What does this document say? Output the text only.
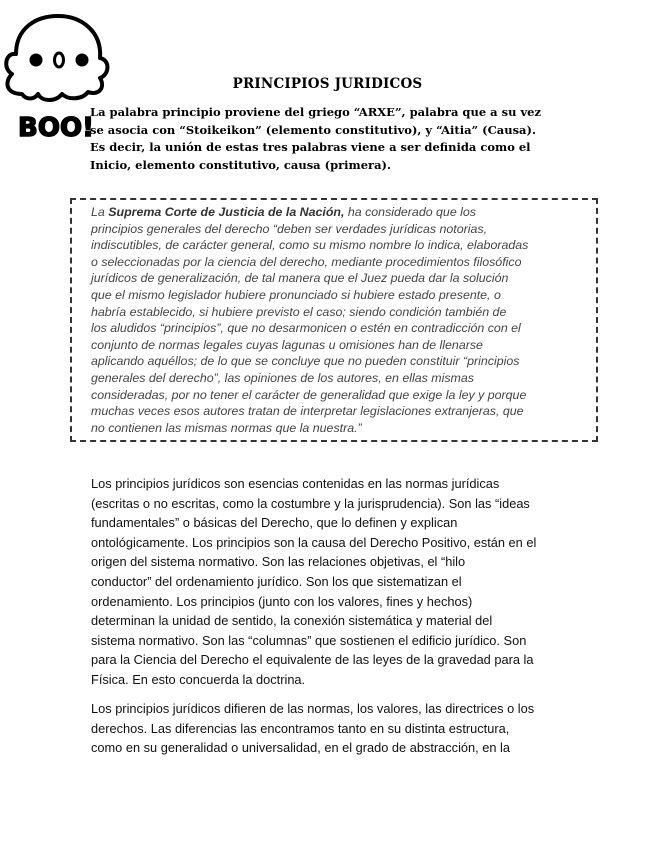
BOO!
PRINCIPIOS JURIDICOS
La palabra principio proviene del griego “ARXE”, palabra que a su vez
se asocia con “Stoikeikon” (elemento constitutivo), y “Aitia” (Causa).
Es decir, la unión de estas tres palabras viene a ser definida como el
Inicio, elemento constitutivo, causa (primera).
La Suprema Corte de Justicia de la Nación, ha considerado que los
principios generales del derecho “deben ser verdades jurídicas notorias,
indiscutibles, de carácter general, como su mismo nombre lo indica, elaboradas
o seleccionadas por la ciencia del derecho, mediante procedimientos filosófico
jurídicos de generalización, de tal manera que el Juez pueda dar la solución
que el mismo legislador hubiere pronunciado si hubiere estado presente, o
habría establecido, si hubiere previsto el caso; siendo condición también de
los aludidos “principios”, que no desarmonicen o estén en contradicción con el
conjunto de normas legales cuyas lagunas u omisiones han de llenarse
aplicando aquéllos; de lo que se concluye que no pueden constituir “principios
generales del derecho”, las opiniones de los autores, en ellas mismas
consideradas, por no tener el carácter de generalidad que exige la ley y porque
muchas veces esos autores tratan de interpretar legislaciones extranjeras, que
no contienen las mismas normas que la nuestra.”
Los principios jurídicos son esencias contenidas en las normas jurídicas
(escritas o no escritas, como la costumbre y la jurisprudencia). Son las “ideas
fundamentales” o básicas del Derecho, que lo definen y explican
ontológicamente. Los principios son la causa del Derecho Positivo, están en el
origen del sistema normativo. Son las relaciones objetivas, el “hilo
conductor” del ordenamiento jurídico. Son los que sistematizan el
ordenamiento. Los principios (junto con los valores, fines y hechos)
determinan la unidad de sentido, la conexión sistemática y material del
sistema normativo. Son las “columnas” que sostienen el edificio jurídico. Son
para la Ciencia del Derecho el equivalente de las leyes de la gravedad para la
Física. En esto concuerda la doctrina.
Los principios jurídicos difieren de las normas, los valores, las directrices o los
derechos. Las diferencias las encontramos tanto en su distinta estructura,
como en su generalidad o universalidad, en el grado de abstracción, en la
